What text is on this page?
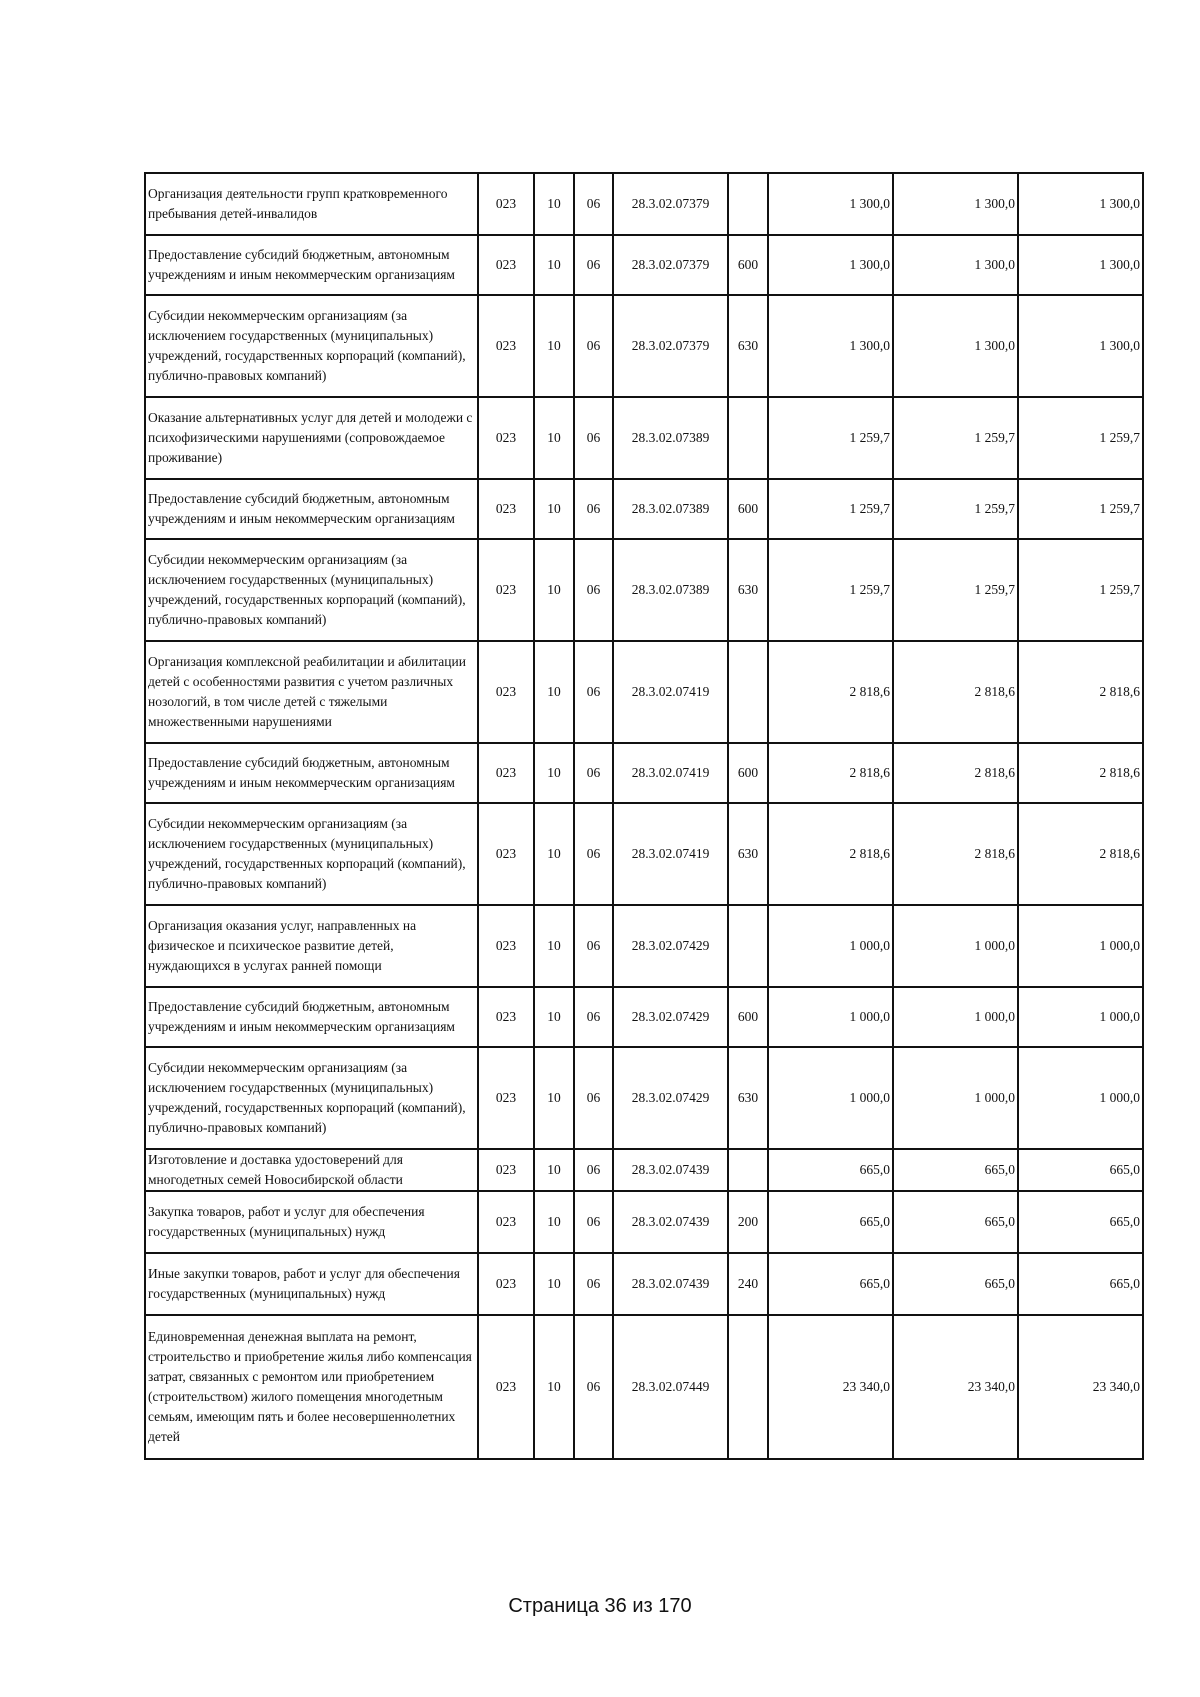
Организация деятельности групп кратковременного пребывания детей-инвалидов	023	10	06	28.3.02.07379		1 300,0	1 300,0	1 300,0
Предоставление субсидий бюджетным, автономным учреждениям и иным некоммерческим организациям	023	10	06	28.3.02.07379	600	1 300,0	1 300,0	1 300,0
Субсидии некоммерческим организациям (за исключением государственных (муниципальных) учреждений, государственных корпораций (компаний), публично-правовых компаний)	023	10	06	28.3.02.07379	630	1 300,0	1 300,0	1 300,0
Оказание альтернативных услуг для детей и молодежи с психофизическими нарушениями (сопровождаемое проживание)	023	10	06	28.3.02.07389		1 259,7	1 259,7	1 259,7
Предоставление субсидий бюджетным, автономным учреждениям и иным некоммерческим организациям	023	10	06	28.3.02.07389	600	1 259,7	1 259,7	1 259,7
Субсидии некоммерческим организациям (за исключением государственных (муниципальных) учреждений, государственных корпораций (компаний), публично-правовых компаний)	023	10	06	28.3.02.07389	630	1 259,7	1 259,7	1 259,7
Организация комплексной реабилитации и абилитации детей с особенностями развития с учетом различных нозологий, в том числе детей с тяжелыми множественными нарушениями	023	10	06	28.3.02.07419		2 818,6	2 818,6	2 818,6
Предоставление субсидий бюджетным, автономным учреждениям и иным некоммерческим организациям	023	10	06	28.3.02.07419	600	2 818,6	2 818,6	2 818,6
Субсидии некоммерческим организациям (за исключением государственных (муниципальных) учреждений, государственных корпораций (компаний), публично-правовых компаний)	023	10	06	28.3.02.07419	630	2 818,6	2 818,6	2 818,6
Организация оказания услуг, направленных на физическое и психическое развитие детей, нуждающихся в услугах ранней помощи	023	10	06	28.3.02.07429		1 000,0	1 000,0	1 000,0
Предоставление субсидий бюджетным, автономным учреждениям и иным некоммерческим организациям	023	10	06	28.3.02.07429	600	1 000,0	1 000,0	1 000,0
Субсидии некоммерческим организациям (за исключением государственных (муниципальных) учреждений, государственных корпораций (компаний), публично-правовых компаний)	023	10	06	28.3.02.07429	630	1 000,0	1 000,0	1 000,0
Изготовление и доставка удостоверений для многодетных семей Новосибирской области	023	10	06	28.3.02.07439		665,0	665,0	665,0
Закупка товаров, работ и услуг для обеспечения государственных (муниципальных) нужд	023	10	06	28.3.02.07439	200	665,0	665,0	665,0
Иные закупки товаров, работ и услуг для обеспечения государственных (муниципальных) нужд	023	10	06	28.3.02.07439	240	665,0	665,0	665,0
Единовременная денежная выплата на ремонт, строительство и приобретение жилья либо компенсация затрат, связанных с ремонтом или приобретением (строительством) жилого помещения многодетным семьям, имеющим пять и более несовершеннолетних детей	023	10	06	28.3.02.07449		23 340,0	23 340,0	23 340,0
Страница 36 из 170
